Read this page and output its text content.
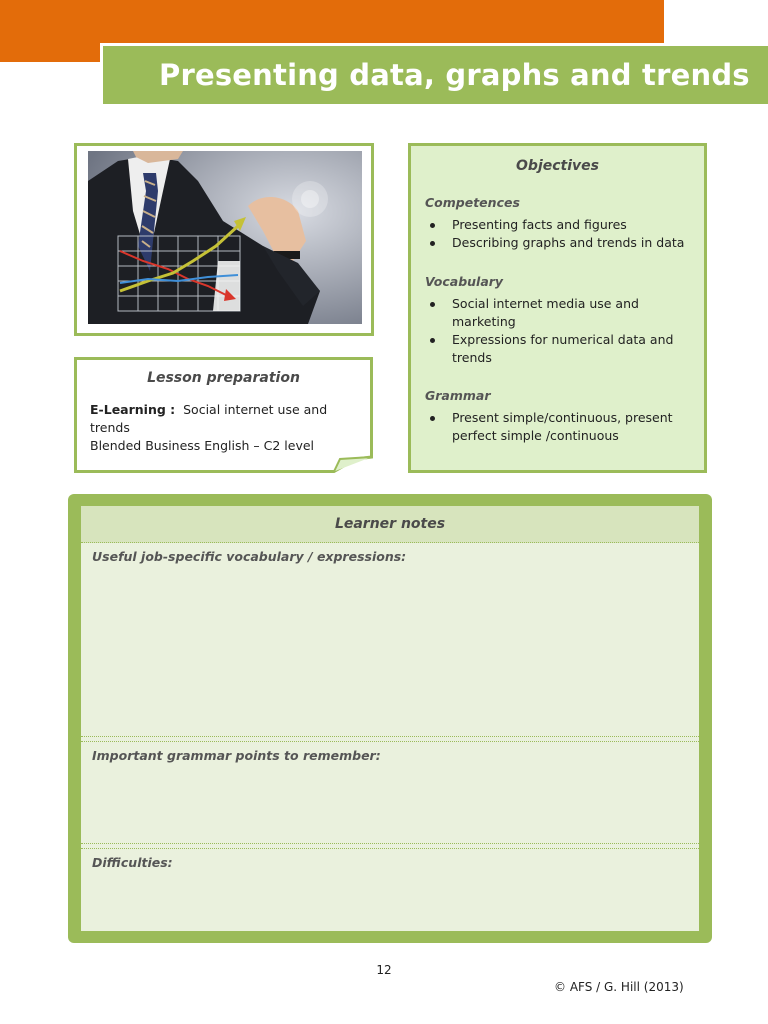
Presenting data, graphs and trends
Lesson preparation
E-Learning : Social internet use and trends
Blended Business English – C2 level
Objectives
Competences
Presenting facts and figures
Describing graphs and trends in data
Vocabulary
Social internet media use and marketing
Expressions for numerical data and trends
Grammar
Present simple/continuous, present perfect simple /continuous
Learner notes
Useful job-specific vocabulary / expressions:
Important grammar points to remember:
Difficulties:
12
© AFS / G. Hill (2013)
